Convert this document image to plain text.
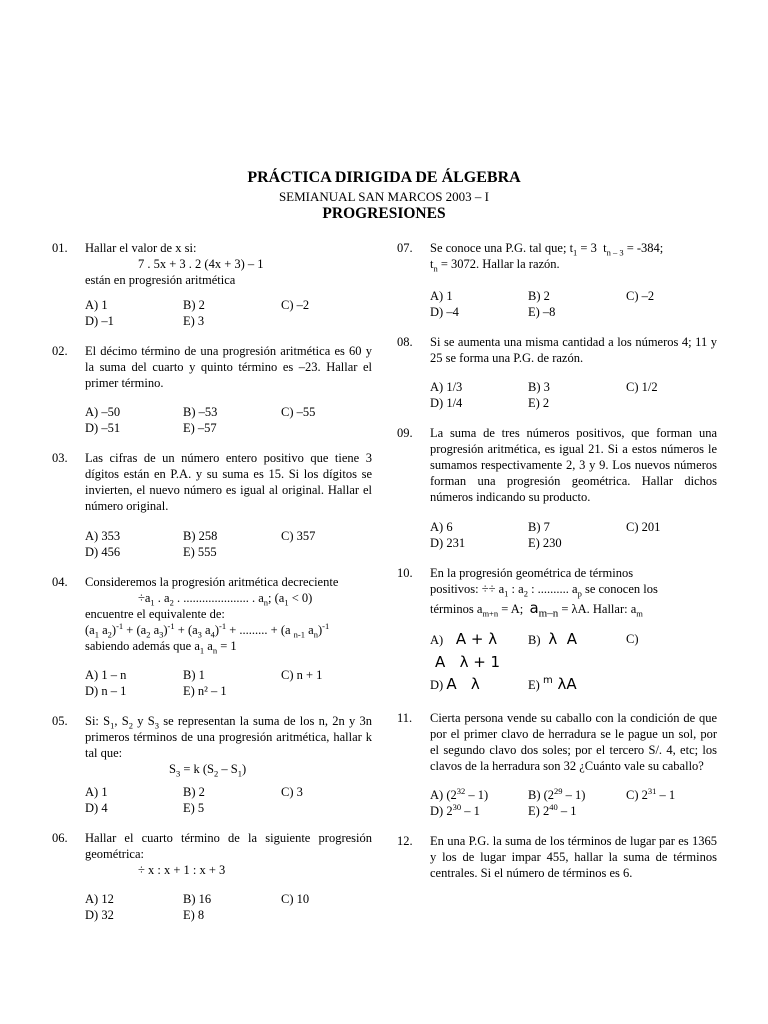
PRÁCTICA DIRIGIDA DE ÁLGEBRA
SEMIANUAL SAN MARCOS 2003 – I
PROGRESIONES
01. Hallar el valor de x si:
7 . 5x + 3 . 2 (4x + 3) – 1
están en progresión aritmética
A) 1	B) 2	C) –2
D) –1	E) 3
02. El décimo término de una progresión aritmética es 60 y la suma del cuarto y quinto término es –23. Hallar el primer término.
A) –50	B) –53	C) –55
D) –51	E) –57
03. Las cifras de un número entero positivo que tiene 3 dígitos están en P.A. y su suma es 15. Si los dígitos se invierten, el nuevo número es igual al original. Hallar el número original.
A) 353	B) 258	C) 357
D) 456	E) 555
04. Consideremos la progresión aritmética decreciente
$\div a_1$ . $a_2$ . ..................... . $a_n$; $(a_1 < 0)$
encuentre el equivalente de:
($a_1$ $a_2)^{-1} + (a_2$ $a_3)^{-1} + (a_3$ $a_4)^{-1}$ + ......... + (a $_{n-1}$ $a_n)^{-1}$
sabiendo además que $a_1$ $a_n = 1$
A) 1 – n	B) 1	C) n + 1
D) n – 1	E) n² – 1
05. Si: $S_1$, $S_2$ y $S_3$ se representan la suma de los n, 2n y 3n primeros términos de una progresión aritmética, hallar k tal que:
$S_3 = k$ $(S_2 - S_1)$
A) 1	B) 2	C) 3
D) 4	E) 5
06. Hallar el cuarto término de la siguiente progresión geométrica:
÷ x : x + 1 : x + 3
A) 12	B) 16	C) 10
D) 32	E) 8
07. Se conoce una P.G. tal que; $t_1 = 3$  $t_{n - 3} = -384$;
$t_n = 3072$. Hallar la razón.
A) 1	B) 2	C) –2
D) –4	E) –8
08. Si se aumenta una misma cantidad a los números 4; 11 y 25 se forma una P.G. de razón.
A) 1/3	B) 3	C) 1/2
D) 1/4	E) 2
09. La suma de tres números positivos, que forman una progresión aritmética, es igual 21. Si a estos números le sumamos respectivamente 2, 3 y 9. Los nuevos números forman una progresión geométrica. Hallar dichos números indicando su producto.
A) 6	B) 7	C) 201
D) 231	E) 230
10. En la progresión geométrica de términos
positivos: ÷÷ $a_1$ : $a_2$ : .......... $a_p$ se conocen los
términos $a_{m+n} = A$;  $a_{m-n} = \lambda A$. Hallar: $a_m$
A)   A + λ	B)  λ  A	C)
A   λ + 1
D) A   λ	E) $^m$ λA
11. Cierta persona vende su caballo con la condición de que por el primer clavo de herradura se le pague un sol, por el segundo clavo dos soles; por el tercero S/. 4, etc; los clavos de la herradura son 32 ¿Cuánto vale su caballo?
A) $(2^{32} - 1)$	B) $(2^{29} - 1)$	C) $2^{31} - 1$
D) $2^{30} - 1$	E) $2^{40} - 1$
12. En una P.G. la suma de los términos de lugar par es 1365 y los de lugar impar 455, hallar la suma de términos centrales. Si el número de términos es 6.
